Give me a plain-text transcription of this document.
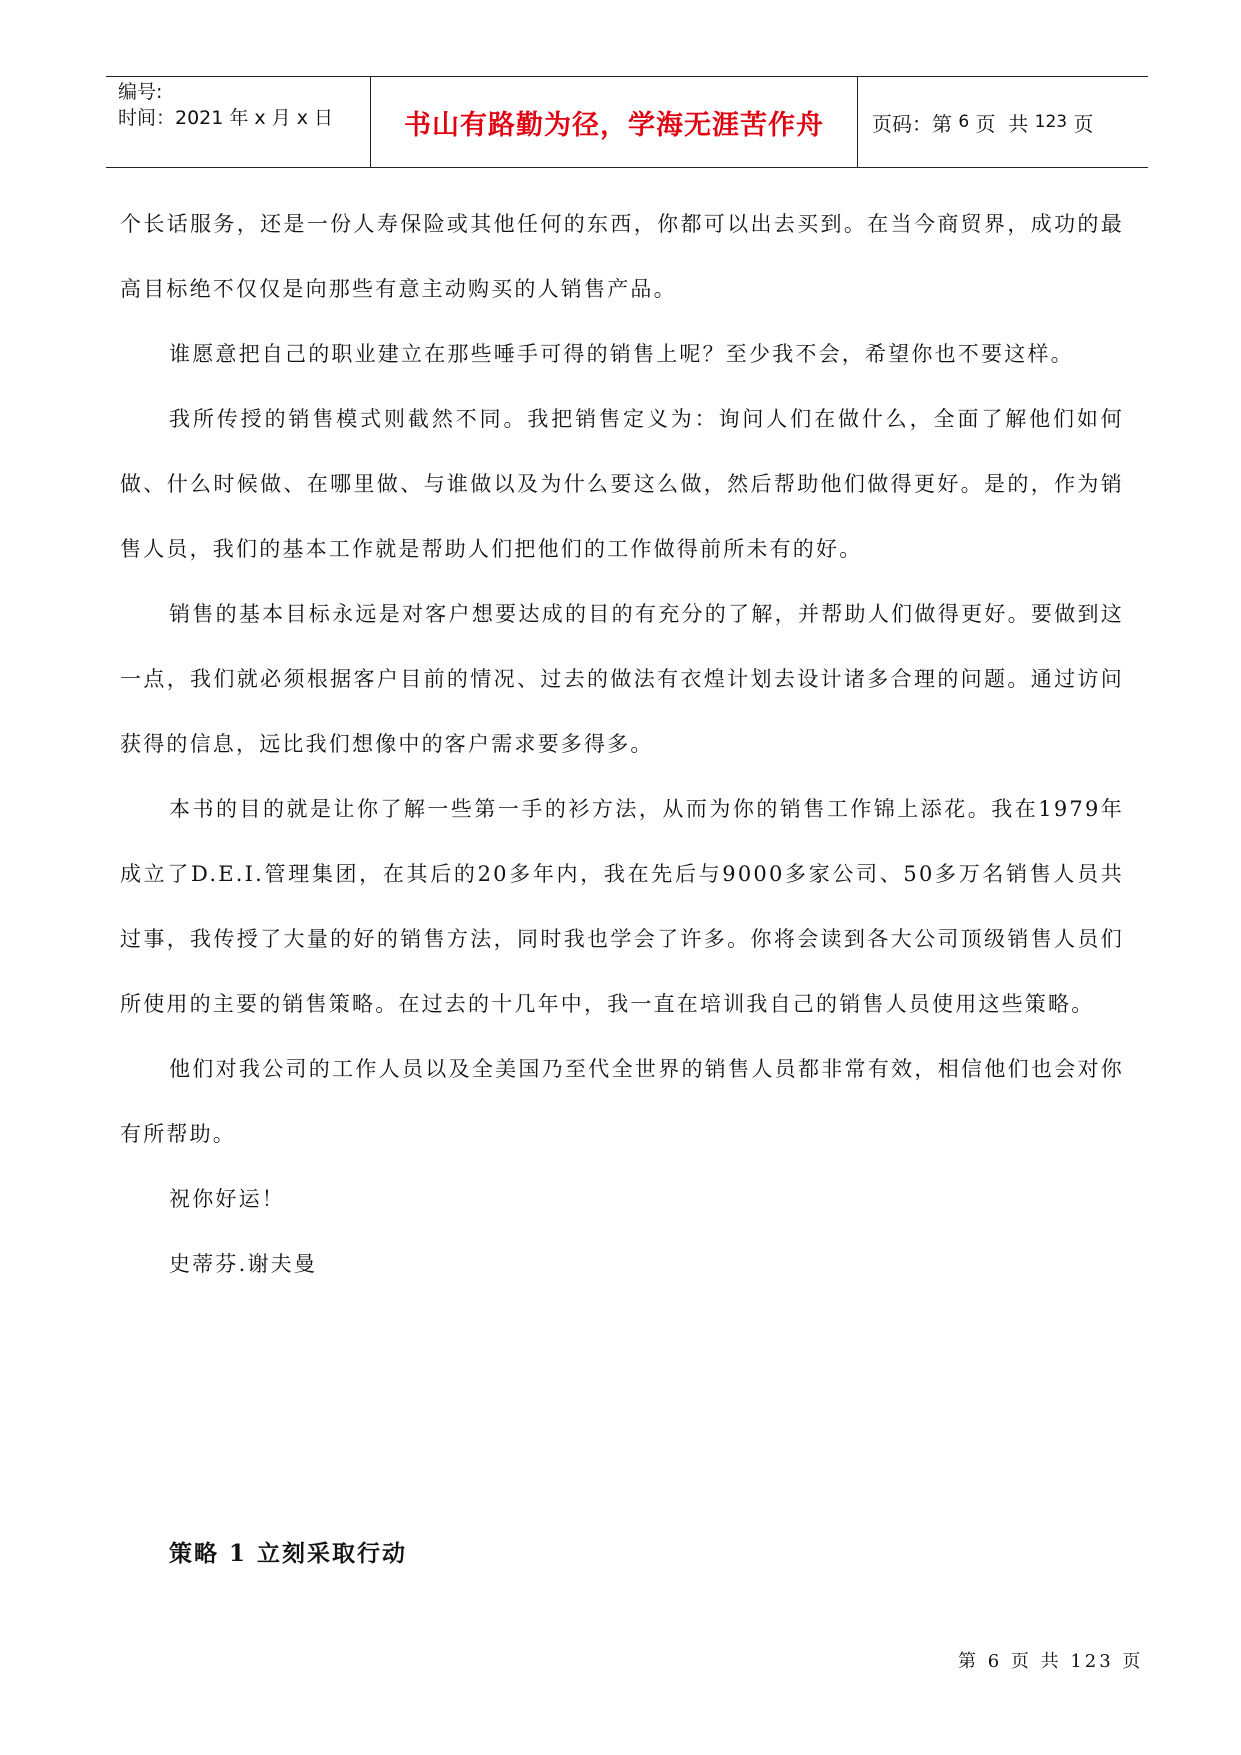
编号:
时间：2021 年 x 月 x 日	书山有路勤为径，学海无涯苦作舟 页码：第 6 页  共 123 页

个长话服务，还是一份人寿保险或其他任何的东西，你都可以出去买到。在当今商贸界，成功的最高目标绝不仅仅是向那些有意主动购买的人销售产品。

谁愿意把自己的职业建立在那些唾手可得的销售上呢？至少我不会，希望你也不要这样。

我所传授的销售模式则截然不同。我把销售定义为：询问人们在做什么，全面了解他们如何做、什么时候做、在哪里做、与谁做以及为什么要这么做，然后帮助他们做得更好。是的，作为销售人员，我们的基本工作就是帮助人们把他们的工作做得前所未有的好。

销售的基本目标永远是对客户想要达成的目的有充分的了解，并帮助人们做得更好。要做到这一点，我们就必须根据客户目前的情况、过去的做法有衣煌计划去设计诸多合理的问题。通过访问获得的信息，远比我们想像中的客户需求要多得多。

本书的目的就是让你了解一些第一手的衫方法，从而为你的销售工作锦上添花。我在1979年成立了D.E.I.管理集团，在其后的20多年内，我在先后与9000多家公司、50多万名销售人员共过事，我传授了大量的好的销售方法，同时我也学会了许多。你将会读到各大公司顶级销售人员们所使用的主要的销售策略。在过去的十几年中，我一直在培训我自己的销售人员使用这些策略。

他们对我公司的工作人员以及全美国乃至代全世界的销售人员都非常有效，相信他们也会对你有所帮助。

祝你好运！

史蒂芬.谢夫曼

策略 1 立刻采取行动
第 6 页 共 123 页
